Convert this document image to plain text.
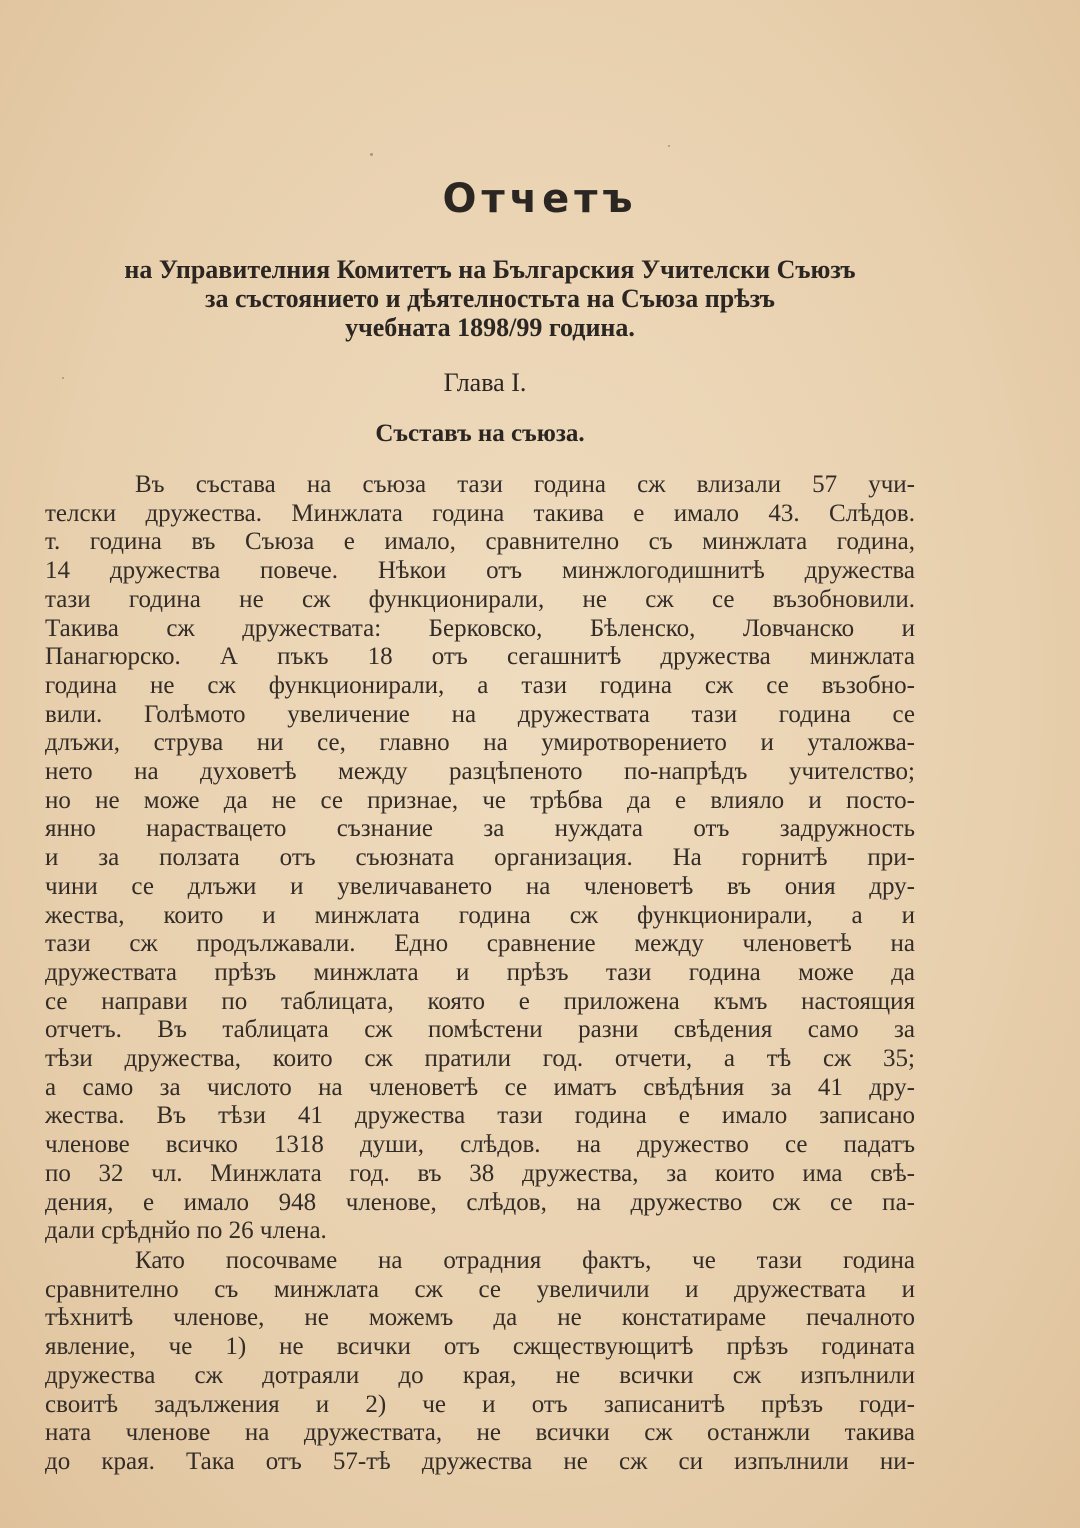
Отчетъ
на Управителния Комитетъ на Българския Учителски Съюзъ
за състоянието и дѣятелностьта на Съюза прѣзъ
учебната 1898/99 година.
Глава I.
Съставъ на съюза.
Въ състава на съюза тази година сж влизали 57 учи-
телски дружества. Минжлата година такива е имало 43. Слѣдов.
т. година въ Съюза е имало, сравнително съ минжлата година,
14 дружества повече. Нѣкои отъ минжлогодишнитѣ дружества
тази година не сж функционирали, не сж се възобновили.
Такива сж дружествата: Берковско, Бѣленско, Ловчанско и
Панагюрско. А пъкъ 18 отъ сегашнитѣ дружества минжлата
година не сж функционирали, а тази година сж се възобно-
вили. Голѣмото увеличение на дружествата тази година се
длъжи, струва ни се, главно на умиротворението и уталожва-
нето на духоветѣ между разцѣпеното по-напрѣдъ учителство;
но не може да не се признае, че трѣбва да е влияло и посто-
янно нараствацето съзнание за нуждата отъ задружность
и за ползата отъ съюзната организация. На горнитѣ при-
чини се длъжи и увеличаването на членоветѣ въ ония дру-
жества, които и минжлата година сж функционирали, а и
тази сж продължавали. Едно сравнение между членоветѣ на
дружествата прѣзъ минжлата и прѣзъ тази година може да
се направи по таблицата, която е приложена къмъ настоящия
отчетъ. Въ таблицата сж помѣстени разни свѣдения само за
тѣзи дружества, които сж пратили год. отчети, а тѣ сж 35;
а само за числото на членоветѣ се иматъ свѣдѣния за 41 дру-
жества. Въ тѣзи 41 дружества тази година е имало записано
членове всичко 1318 души, слѣдов. на дружество се падатъ
по 32 чл. Минжлата год. въ 38 дружества, за които има свѣ-
дения, е имало 948 членове, слѣдов, на дружество сж се па-
дали срѣднйо по 26 члена.
Като посочваме на отрадния фактъ, че тази година
сравнително съ минжлата сж се увеличили и дружествата и
тѣхнитѣ членове, не можемъ да не констатираме печалното
явление, че 1) не всички отъ сжществующитѣ прѣзъ годината
дружества сж дотраяли до края, не всички сж изпълнили
своитѣ задължения и 2) че и отъ записанитѣ прѣзъ годи-
ната членове на дружествата, не всички сж останжли такива
до края. Така отъ 57-тѣ дружества не сж си изпълнили ни-
